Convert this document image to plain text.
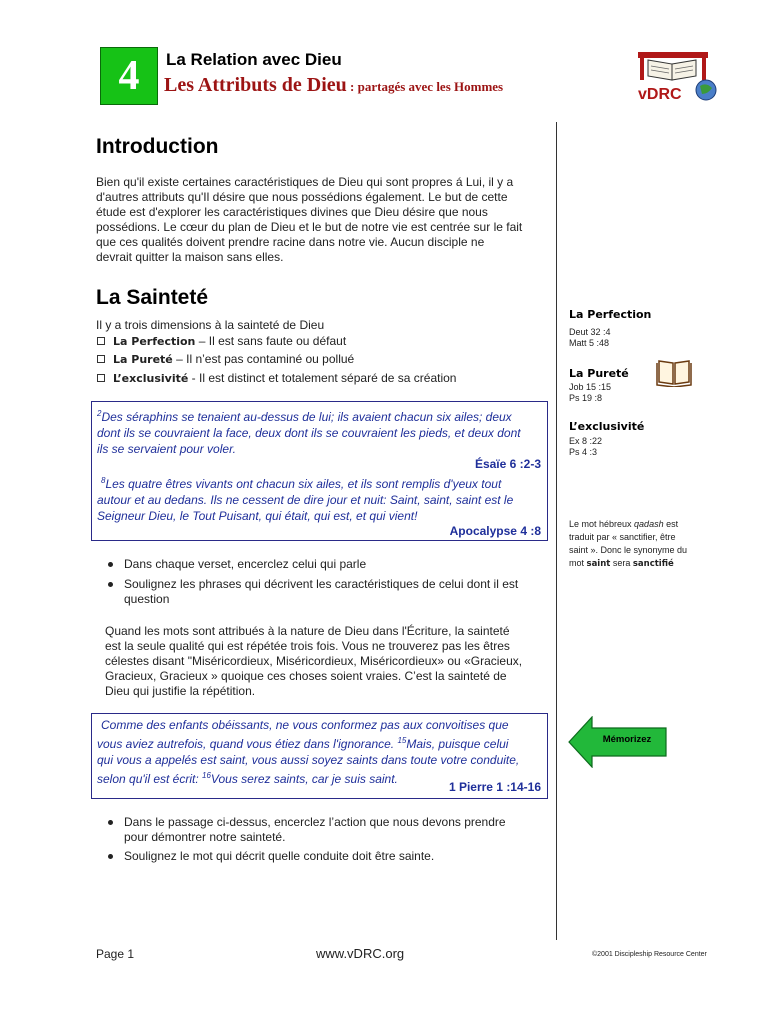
4	La Relation avec Dieu
Les Attributs de Dieu : partagés avec les Hommes	vDRC
Introduction
Bien qu'il existe certaines caractéristiques de Dieu qui sont propres á Lui, il y a
d'autres attributs qu'Il désire que nous possédions également. Le but de cette
étude est d'explorer les caractéristiques divines que Dieu désire que nous
possédions. Le cœur du plan de Dieu et le but de notre vie est centrée sur le fait
que ces qualités doivent prendre racine dans notre vie. Aucun disciple ne
devrait quitter la maison sans elles.
La Sainteté
Il y a trois dimensions à la sainteté de Dieu
La Perfection – Il est sans faute ou défaut
La Pureté – Il n’est pas contaminé ou pollué
L’exclusivité - Il est distinct et totalement séparé de sa création
$^2$Des séraphins se tenaient au-dessus de lui; ils avaient chacun six ailes; deux
dont ils se couvraient la face, deux dont ils se couvraient les pieds, et deux dont
ils se servaient pour voler.
Ésaïe 6 :2-3
$^8$Les quatre êtres vivants ont chacun six ailes, et ils sont remplis d'yeux tout
autour et au dedans. Ils ne cessent de dire jour et nuit: Saint, saint, saint est le
Seigneur Dieu, le Tout Puisant, qui était, qui est, et qui vient!
Apocalypse 4 :8
Dans chaque verset, encerclez celui qui parle
Soulignez les phrases qui décrivent les caractéristiques de celui dont il est question
Quand les mots sont attribués à la nature de Dieu dans l'Écriture, la sainteté
est la seule qualité qui est répétée trois fois. Vous ne trouverez pas les êtres
célestes disant "Miséricordieux, Miséricordieux, Miséricordieux» ou «Gracieux,
Gracieux, Gracieux » quoique ces choses soient vraies. C’est la sainteté de
Dieu qui justifie la répétition.
Comme des enfants obéissants, ne vous conformez pas aux convoitises que
vous aviez autrefois, quand vous étiez dans l'ignorance. $^{15}$Mais, puisque celui
qui vous a appelés est saint, vous aussi soyez saints dans toute votre conduite,
selon qu'il est écrit: $^{16}$Vous serez saints, car je suis saint.
1 Pierre 1 :14-16
Dans le passage ci-dessus, encerclez l’action que nous devons prendre pour démontrer notre sainteté.
Soulignez le mot qui décrit quelle conduite doit être sainte.
La Perfection
Deut 32 :4
Matt 5 :48
La Pureté
Job 15 :15
Ps 19 :8
L’exclusivité
Ex 8 :22
Ps 4 :3
Le mot hébreux qadash est
traduit par « sanctifier, être
saint ». Donc le synonyme du
mot saint sera sanctifié
Mémorizez
Page 1	www.vDRC.org	©2001 Discipleship Resource Center
